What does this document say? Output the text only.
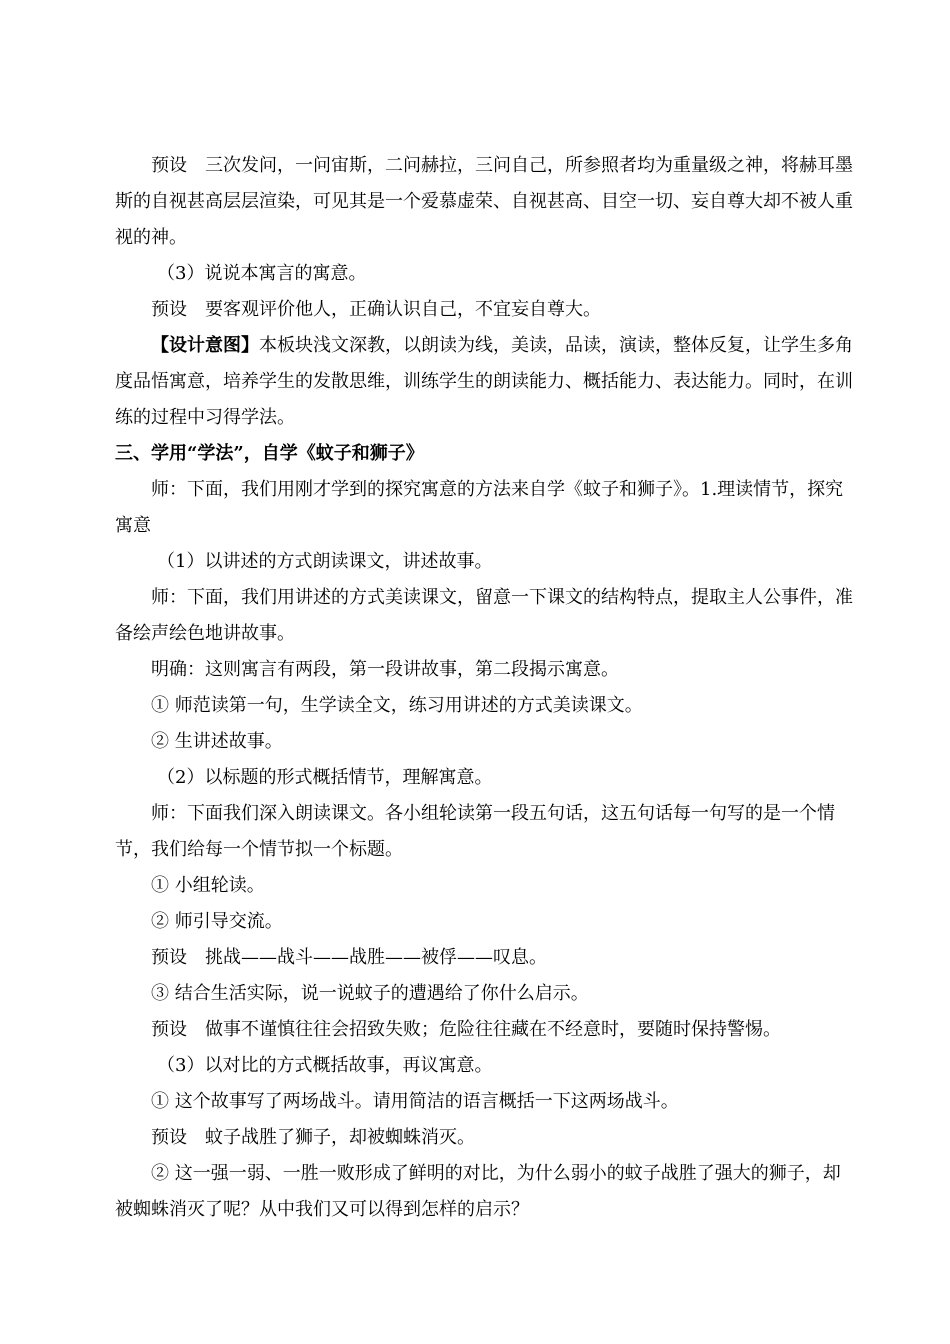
预设　三次发问，一问宙斯，二问赫拉，三问自己，所参照者均为重量级之神，将赫耳墨斯的自视甚高层层渲染，可见其是一个爱慕虚荣、自视甚高、目空一切、妄自尊大却不被人重视的神。

（3）说说本寓言的寓意。

预设　要客观评价他人，正确认识自己，不宜妄自尊大。

【设计意图】本板块浅文深教，以朗读为线，美读，品读，演读，整体反复，让学生多角度品悟寓意，培养学生的发散思维，训练学生的朗读能力、概括能力、表达能力。同时，在训练的过程中习得学法。

三、学用“学法”，自学《蚊子和狮子》

师：下面，我们用刚才学到的探究寓意的方法来自学《蚊子和狮子》。1.理读情节，探究寓意

（1）以讲述的方式朗读课文，讲述故事。

师：下面，我们用讲述的方式美读课文，留意一下课文的结构特点，提取主人公事件，准备绘声绘色地讲故事。

明确：这则寓言有两段，第一段讲故事，第二段揭示寓意。

① 师范读第一句，生学读全文，练习用讲述的方式美读课文。

② 生讲述故事。

（2）以标题的形式概括情节，理解寓意。

师：下面我们深入朗读课文。各小组轮读第一段五句话，这五句话每一句写的是一个情节，我们给每一个情节拟一个标题。

① 小组轮读。

② 师引导交流。

预设　挑战——战斗——战胜——被俘——叹息。

③ 结合生活实际，说一说蚊子的遭遇给了你什么启示。

预设　做事不谨慎往往会招致失败；危险往往藏在不经意时，要随时保持警惕。

（3）以对比的方式概括故事，再议寓意。

① 这个故事写了两场战斗。请用简洁的语言概括一下这两场战斗。

预设　蚊子战胜了狮子，却被蜘蛛消灭。

② 这一强一弱、一胜一败形成了鲜明的对比，为什么弱小的蚊子战胜了强大的狮子，却被蜘蛛消灭了呢？从中我们又可以得到怎样的启示？
